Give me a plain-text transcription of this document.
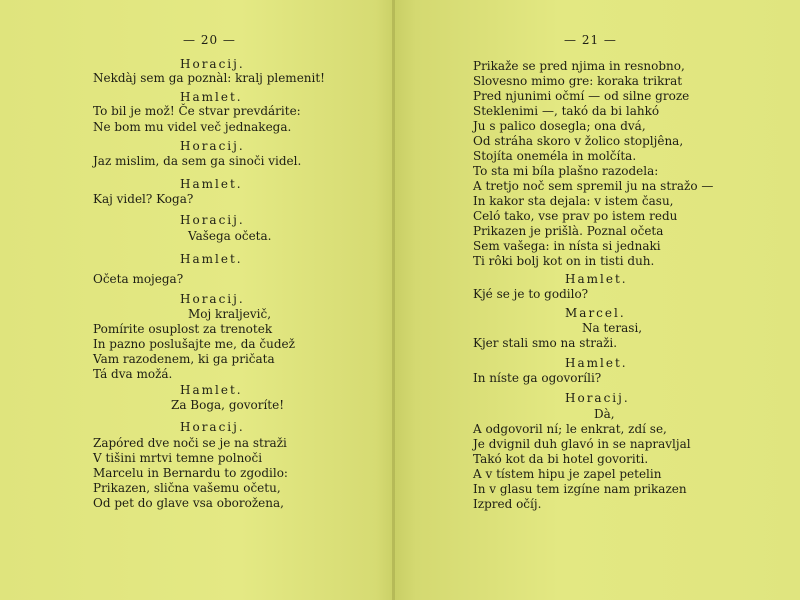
— 20 —
Horacij.
Nekdàj sem ga poznàl: kralj plemenit!
Hamlet.
To bil je mož! Če stvar prevdárite:
Ne bom mu videl več jednakega.
Horacij.
Jaz mislim, da sem ga sinoči videl.
Hamlet.
Kaj videl? Koga?
Horacij.
Vašega očeta.
Hamlet.
Očeta mojega?
Horacij.
Moj kraljevič,
Pomírite osuplost za trenotek
In pazno poslušajte me, da čudež
Vam razodenem, ki ga pričata
Tá dva možá.
Hamlet.
Za Boga, govoríte!
Horacij.
Zapóred dve noči se je na straži
V tišini mrtvi temne polnoči
Marcelu in Bernardu to zgodilo:
Prikazen, slična vašemu očetu,
Od pet do glave vsa oborožena,
— 21 —
Prikaže se pred njima in resnobno,
Slovesno mimo gre: koraka trikrat
Pred njunimi očmí — od silne groze
Steklenimi —, takó da bi lahkó
Ju s palico dosegla; ona dvá,
Od stráha skoro v žolico stopljêna,
Stojíta oneméla in molčíta.
To sta mi bíla plašno razodela:
A tretjo noč sem spremil ju na stražo —
In kakor sta dejala: v istem času,
Celó tako, vse prav po istem redu
Prikazen je prišlà. Poznal očeta
Sem vašega: in nísta si jednaki
Ti rôki bolj kot on in tisti duh.
Hamlet.
Kjé se je to godilo?
Marcel.
Na terasi,
Kjer stali smo na straži.
Hamlet.
In níste ga ogovoríli?
Horacij.
Dà,
A odgovoril ní; le enkrat, zdí se,
Je dvignil duh glavó in se napravljal
Takó kot da bi hotel govoriti.
A v tístem hipu je zapel petelin
In v glasu tem izgíne nam prikazen
Izpred očíj.
